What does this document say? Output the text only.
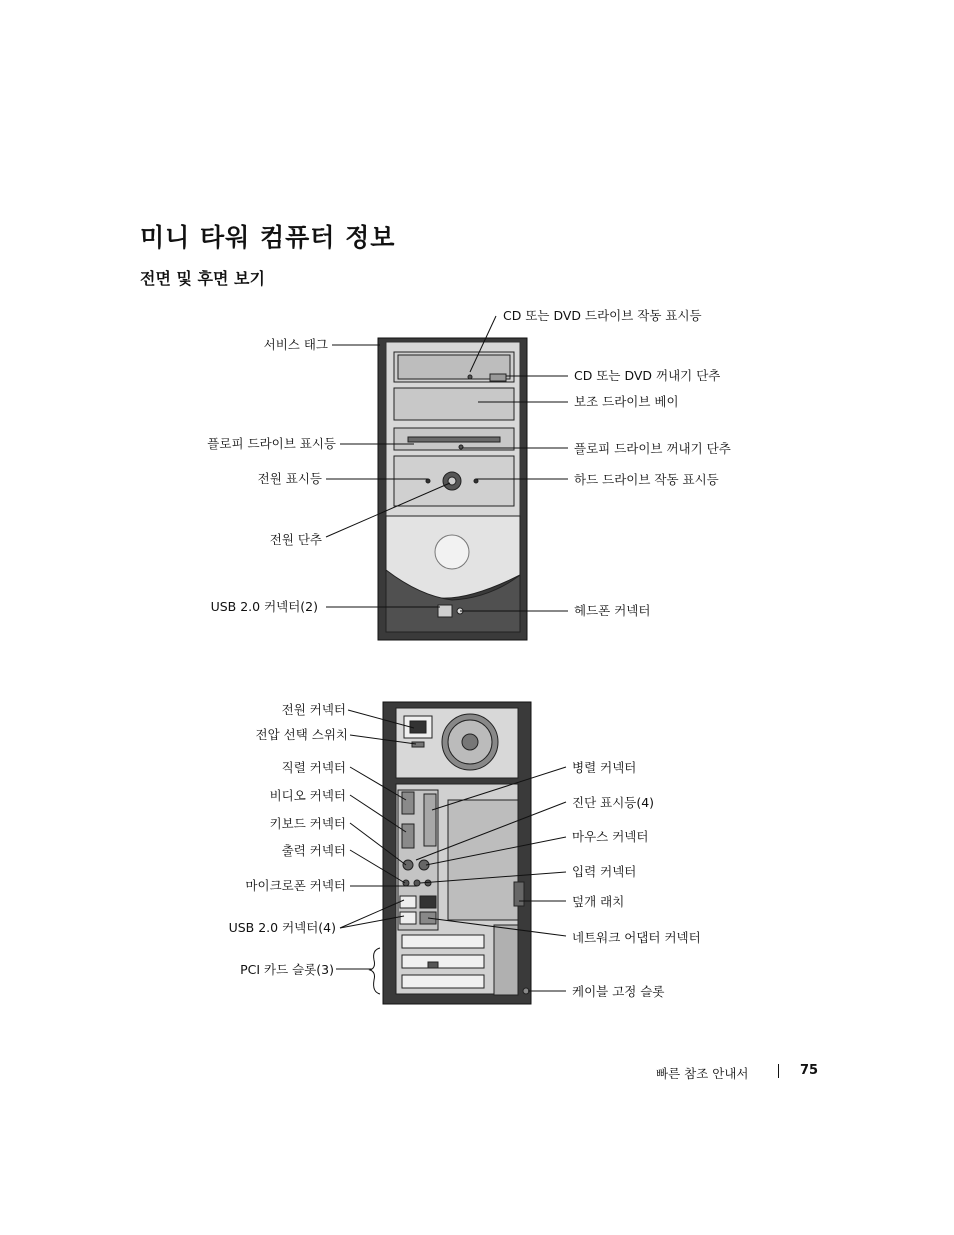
미니 타워 컴퓨터 정보
전면 및 후면 보기
CD 또는 DVD 드라이브 작동 표시등
서비스 태그
CD 또는 DVD 꺼내기 단추
보조 드라이브 베이
플로피 드라이브 표시등	플로피 드라이브 꺼내기 단추
전원 표시등	하드 드라이브 작동 표시등
전원 단추
USB 2.0 커넥터(2)	헤드폰 커넥터
전원 커넥터
전압 선택 스위치
직렬 커넥터	병렬 커넥터
비디오 커넥터	진단 표시등(4)
키보드 커넥터
마우스 커넥터
출력 커넥터
입력 커넥터
마이크로폰 커넥터
덮개 래치
USB 2.0 커넥터(4)
네트워크 어댑터 커넥터
PCI 카드 슬롯(3)
케이블 고정 슬롯
빠른 참조 안내서	75
